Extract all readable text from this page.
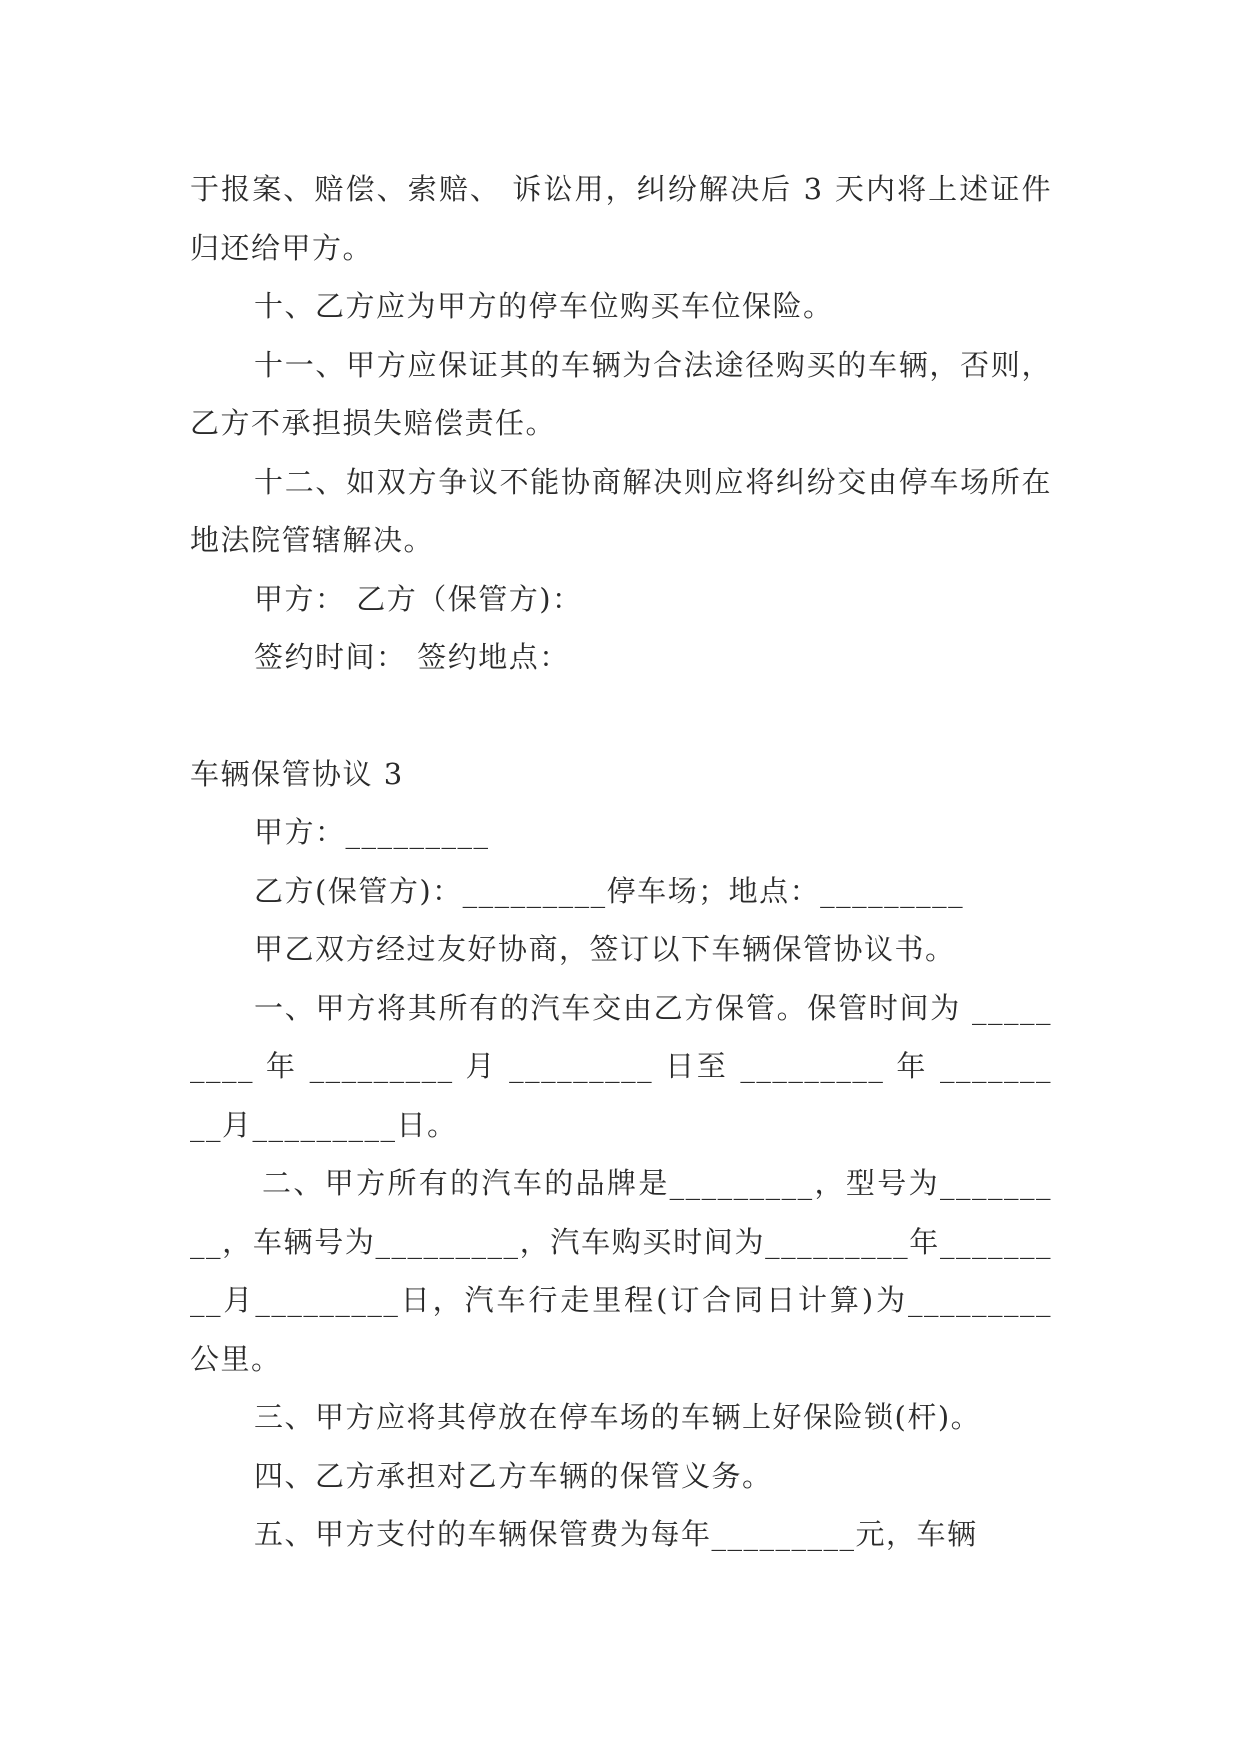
于报案、赔偿、索赔、 诉讼用，纠纷解决后 3 天内将上述证件归还给甲方。

十、乙方应为甲方的停车位购买车位保险。

十一、甲方应保证其的车辆为合法途径购买的车辆，否则，乙方不承担损失赔偿责任。

十二、如双方争议不能协商解决则应将纠纷交由停车场所在地法院管辖解决。

甲方： 乙方（保管方)：

签约时间： 签约地点：

车辆保管协议 3

甲方：_________

乙方(保管方)：_________停车场；地点：_________

甲乙双方经过友好协商，签订以下车辆保管协议书。

一、甲方将其所有的汽车交由乙方保管。保管时间为 _________ 年 _________ 月 _________ 日至 _________ 年 _________月_________日。

二、甲方所有的汽车的品牌是_________，型号为_________，车辆号为_________，汽车购买时间为_________年_________月_________日，汽车行走里程(订合同日计算)为_________公里。

三、甲方应将其停放在停车场的车辆上好保险锁(杆)。

四、乙方承担对乙方车辆的保管义务。

五、甲方支付的车辆保管费为每年_________元，车辆
